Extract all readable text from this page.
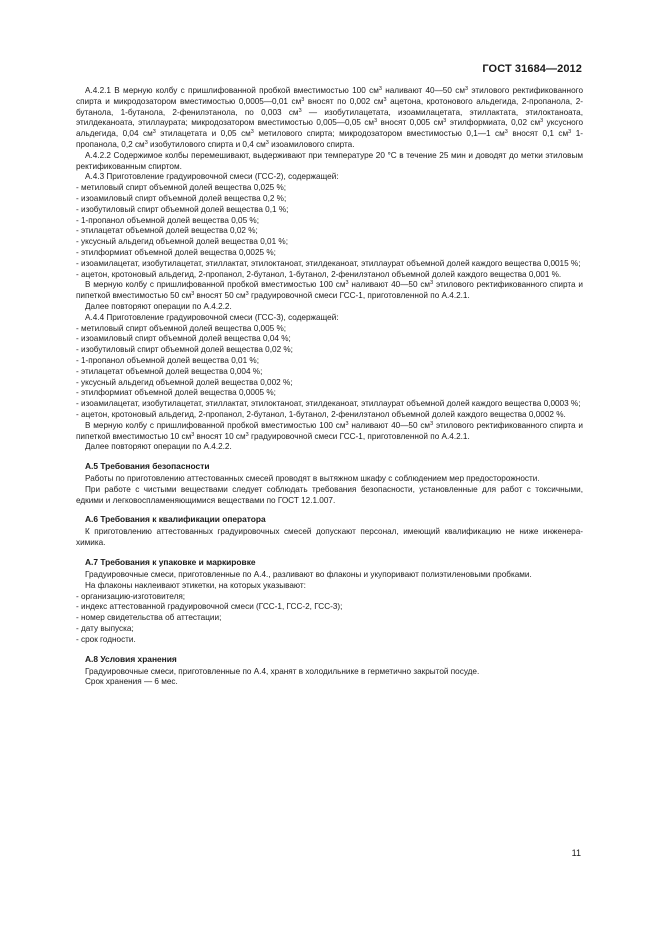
ГОСТ 31684—2012

А.4.2.1 В мерную колбу с пришлифованной пробкой вместимостью 100 $см^3$ наливают 40—50 $см^3$ этилового ректификованного спирта и микродозатором вместимостью 0,0005—0,01 $см^3$ вносят по 0,002 $см^3$ ацетона, кротонового альдегида, 2-пропанола, 2-бутанола, 1-бутанола, 2-фенилэтанола, по 0,003 $см^3$ — изобутилацетата, изоамилацетата, этиллактата, этилоктаноата, этилдеканоата, этиллаурата; микродозатором вместимостью 0,005—0,05 $см^3$ вносят 0,005 $см^3$ этилформиата, 0,02 $см^3$ уксусного альдегида, 0,04 $см^3$ этилацетата и 0,05 $см^3$ метилового спирта; микродозатором вместимостью 0,1—1 $см^3$ вносят 0,1 $см^3$ 1-пропанола, 0,2 $см^3$ изобутилового спирта и 0,4 $см^3$ изоамилового спирта.

А.4.2.2 Содержимое колбы перемешивают, выдерживают при температуре 20 °С в течение 25 мин и доводят до метки этиловым ректификованным спиртом.

А.4.3 Приготовление градуировочной смеси (ГСС-2), содержащей:

- метиловый спирт объемной долей вещества 0,025 %;

- изоамиловый спирт объемной долей вещества 0,2 %;

- изобутиловый спирт объемной долей вещества 0,1 %;

- 1-пропанол объемной долей вещества 0,05 %;

- этилацетат объемной долей вещества 0,02 %;

- уксусный альдегид объемной долей вещества 0,01 %;

- этилформиат объемной долей вещества 0,0025 %;

- изоамилацетат, изобутилацетат, этиллактат, этилоктаноат, этилдеканоат, этиллаурат объемной долей каждого вещества 0,0015 %;

- ацетон, кротоновый альдегид, 2-пропанол, 2-бутанол, 1-бутанол, 2-фенилэтанол объемной долей каждого вещества 0,001 %.

В мерную колбу с пришлифованной пробкой вместимостью 100 $см^3$ наливают 40—50 $см^3$ этилового ректификованного спирта и пипеткой вместимостью 50 $см^3$ вносят 50 $см^3$ градуировочной смеси ГСС-1, приготовленной по А.4.2.1.

Далее повторяют операции по А.4.2.2.

А.4.4 Приготовление градуировочной смеси (ГСС-3), содержащей:

- метиловый спирт объемной долей вещества 0,005 %;

- изоамиловый спирт объемной долей вещества 0,04 %;

- изобутиловый спирт объемной долей вещества 0,02 %;

- 1-пропанол объемной долей вещества 0,01 %;

- этилацетат объемной долей вещества 0,004 %;

- уксусный альдегид объемной долей вещества 0,002 %;

- этилформиат объемной долей вещества 0,0005 %;

- изоамилацетат, изобутилацетат, этиллактат, этилоктаноат, этилдеканоат, этиллаурат объемной долей каждого вещества 0,0003 %;

- ацетон, кротоновый альдегид, 2-пропанол, 2-бутанол, 1-бутанол, 2-фенилэтанол объемной долей каждого вещества 0,0002 %.

В мерную колбу с пришлифованной пробкой вместимостью 100 $см^3$ наливают 40—50 $см^3$ этилового ректификованного спирта и пипеткой вместимостью 10 $см^3$ вносят 10 $см^3$ градуировочной смеси ГСС-1, приготовленной по А.4.2.1.

Далее повторяют операции по А.4.2.2.

А.5 Требования безопасности

Работы по приготовлению аттестованных смесей проводят в вытяжном шкафу с соблюдением мер предосторожности.

При работе с чистыми веществами следует соблюдать требования безопасности, установленные для работ с токсичными, едкими и легковоспламеняющимися веществами по ГОСТ 12.1.007.

А.6 Требования к квалификации оператора

К приготовлению аттестованных градуировочных смесей допускают персонал, имеющий квалификацию не ниже инженера-химика.

А.7 Требования к упаковке и маркировке

Градуировочные смеси, приготовленные по А.4., разливают во флаконы и укупоривают полиэтиленовыми пробками.

На флаконы наклеивают этикетки, на которых указывают:

- организацию-изготовителя;

- индекс аттестованной градуировочной смеси (ГСС-1, ГСС-2, ГСС-3);

- номер свидетельства об аттестации;

- дату выпуска;

- срок годности.

А.8 Условия хранения

Градуировочные смеси, приготовленные по А.4, хранят в холодильнике в герметично закрытой посуде.

Срок хранения — 6 мес.

11
